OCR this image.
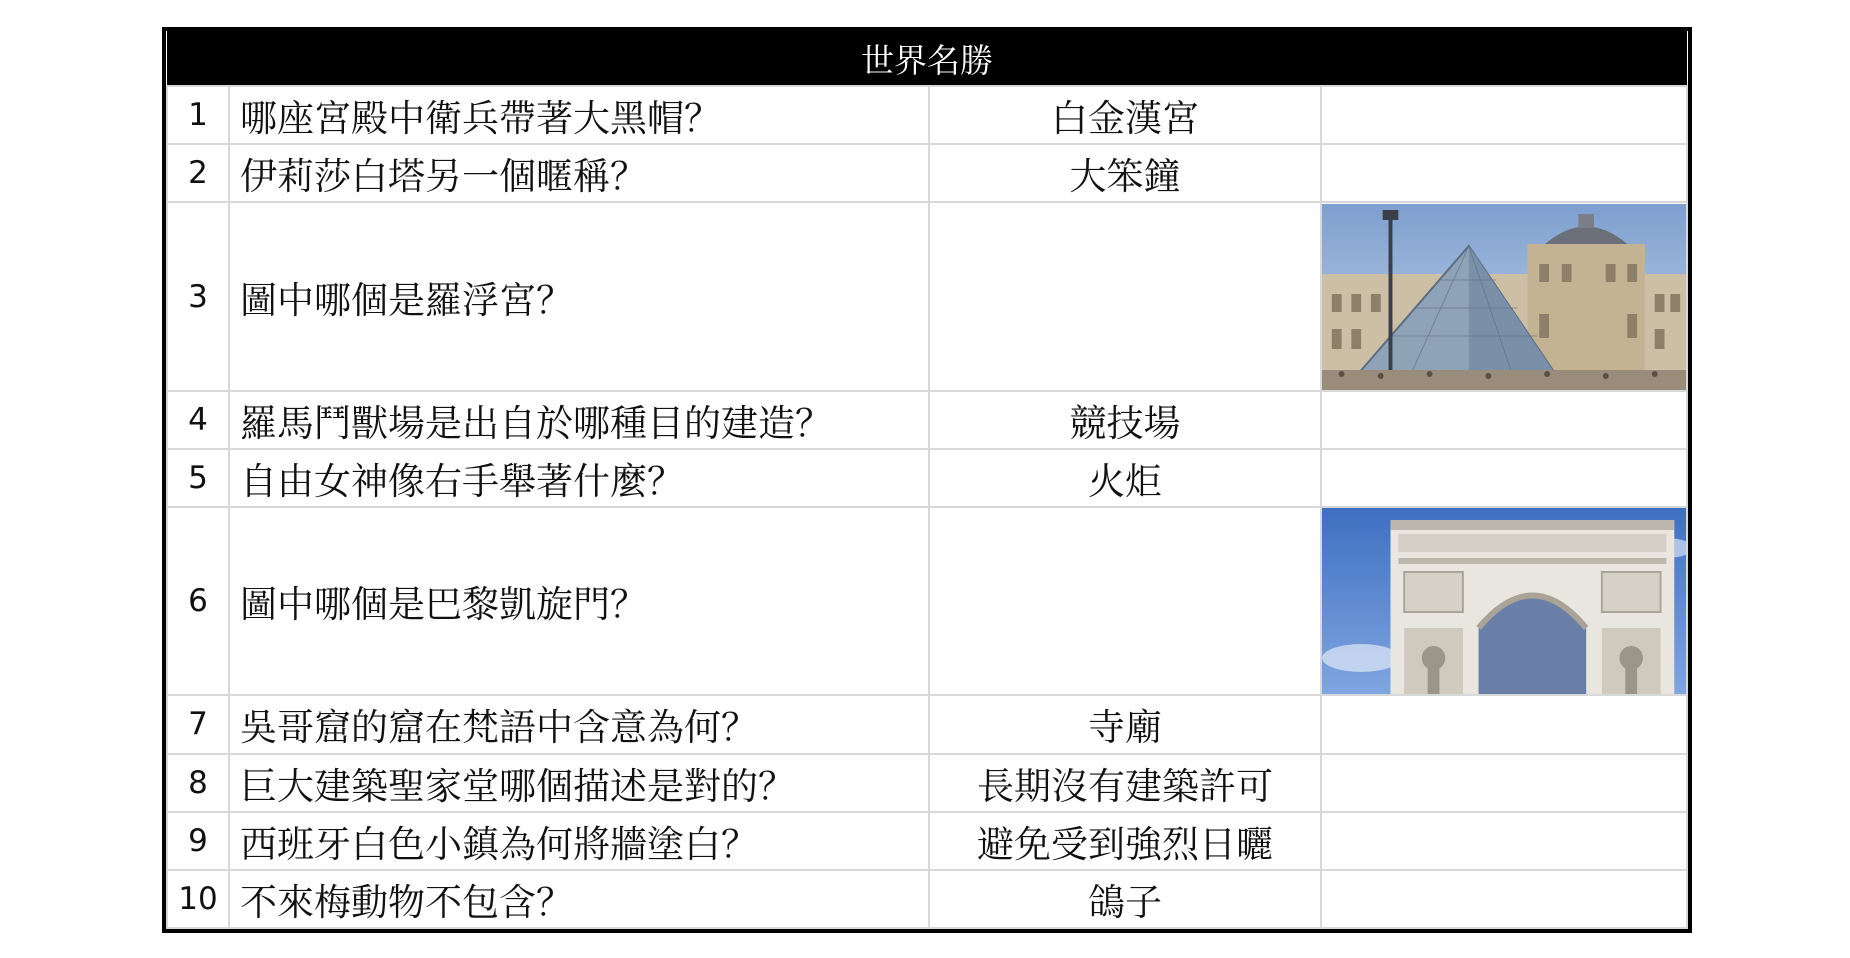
世界名勝			
1	哪座宮殿中衛兵帶著大黑帽？	白金漢宮	
2	伊莉莎白塔另一個暱稱？	大笨鐘	
3	圖中哪個是羅浮宮？		

4	羅馬鬥獸場是出自於哪種目的建造？	競技場	
5	自由女神像右手舉著什麼？	火炬	
6	圖中哪個是巴黎凱旋門？		

7	吳哥窟的窟在梵語中含意為何？	寺廟	
8	巨大建築聖家堂哪個描述是對的？	長期沒有建築許可	
9	西班牙白色小鎮為何將牆塗白？	避免受到強烈日曬	
10	不來梅動物不包含？	鴿子	
